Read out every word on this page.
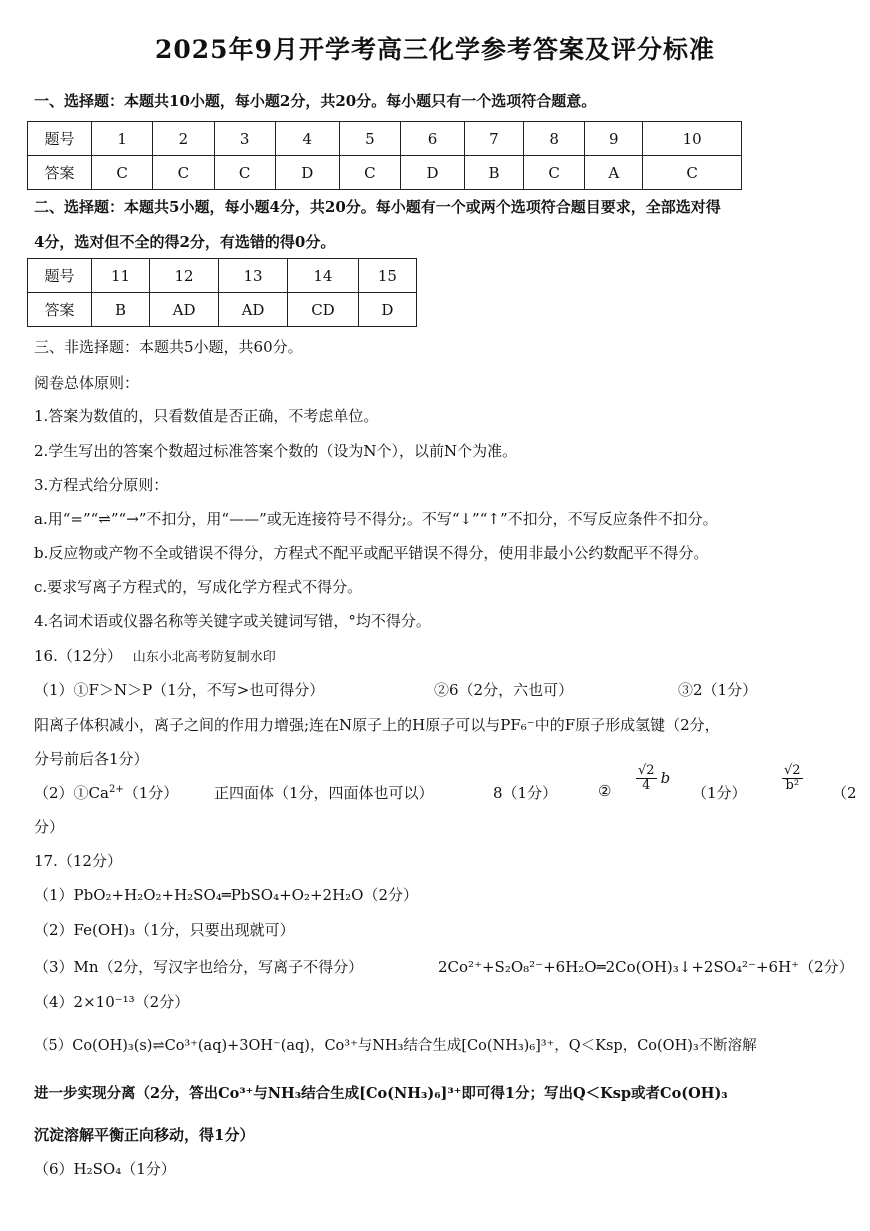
2025年9月开学考高三化学参考答案及评分标准
一、选择题：本题共10小题，每小题2分，共20分。每小题只有一个选项符合题意。
题号	1	2	3	4	5	6	7	8	9	10
答案	C	C	C	D	C	D	B	C	A	C
二、选择题：本题共5小题，每小题4分，共20分。每小题有一个或两个选项符合题目要求，全部选对得
4分，选对但不全的得2分，有选错的得0分。
题号	11	12	13	14	15
答案	B	AD	AD	CD	D
三、非选择题：本题共5小题，共60分。
阅卷总体原则：
1.答案为数值的，只看数值是否正确，不考虑单位。
2.学生写出的答案个数超过标准答案个数的（设为N个），以前N个为准。
3.方程式给分原则：
a.用“=”“⇌”“→”不扣分，用“——”或无连接符号不得分;。不写“↓”“↑”不扣分，不写反应条件不扣分。
b.反应物或产物不全或错误不得分，方程式不配平或配平错误不得分，使用非最小公约数配平不得分。
c.要求写离子方程式的，写成化学方程式不得分。
4.名词术语或仪器名称等关键字或关键词写错，°均不得分。
16.（12分） 山东小北高考防复制水印
（1）①F＞N＞P（1分，不写>也可得分）	②6（2分，六也可）	③2（1分）
阳离子体积减小，离子之间的作用力增强;连在N原子上的H原子可以与PF₆⁻中的F原子形成氢键（2分，
分号前后各1分）
$(2)①Ca^{2+}(1$分） 正四面体（1分，四面体也可以）	8（1分）	② $\frac{√2}{4}$ b
（1分）	$\frac{√2}{\text{b²}} (2$
分）
17.（12分）
（1）PbO₂+H₂O₂+H₂SO₄═PbSO₄+O₂+2H₂O（2分）
（2）Fe(OH)₃（1分，只要出现就可）
（3）Mn（2分，写汉字也给分，写离子不得分）	2Co²⁺+S₂O₈²⁻+6H₂O═2Co(OH)₃↓+2SO₄²⁻+6H⁺（2分）
（4）2×10⁻¹³（2分）
（5）Co(OH)₃(s)⇌Co³⁺(aq)+3OH⁻(aq)，Co³⁺与NH₃结合生成[Co(NH₃)₆]³⁺，Q＜Ksp，Co(OH)₃不断溶解
进一步实现分离（2分，答出Co³⁺与NH₃结合生成[Co(NH₃)₆]³⁺即可得1分；写出Q＜Ksp或者Co(OH)₃
沉淀溶解平衡正向移动，得1分）
（6）H₂SO₄（1分）
